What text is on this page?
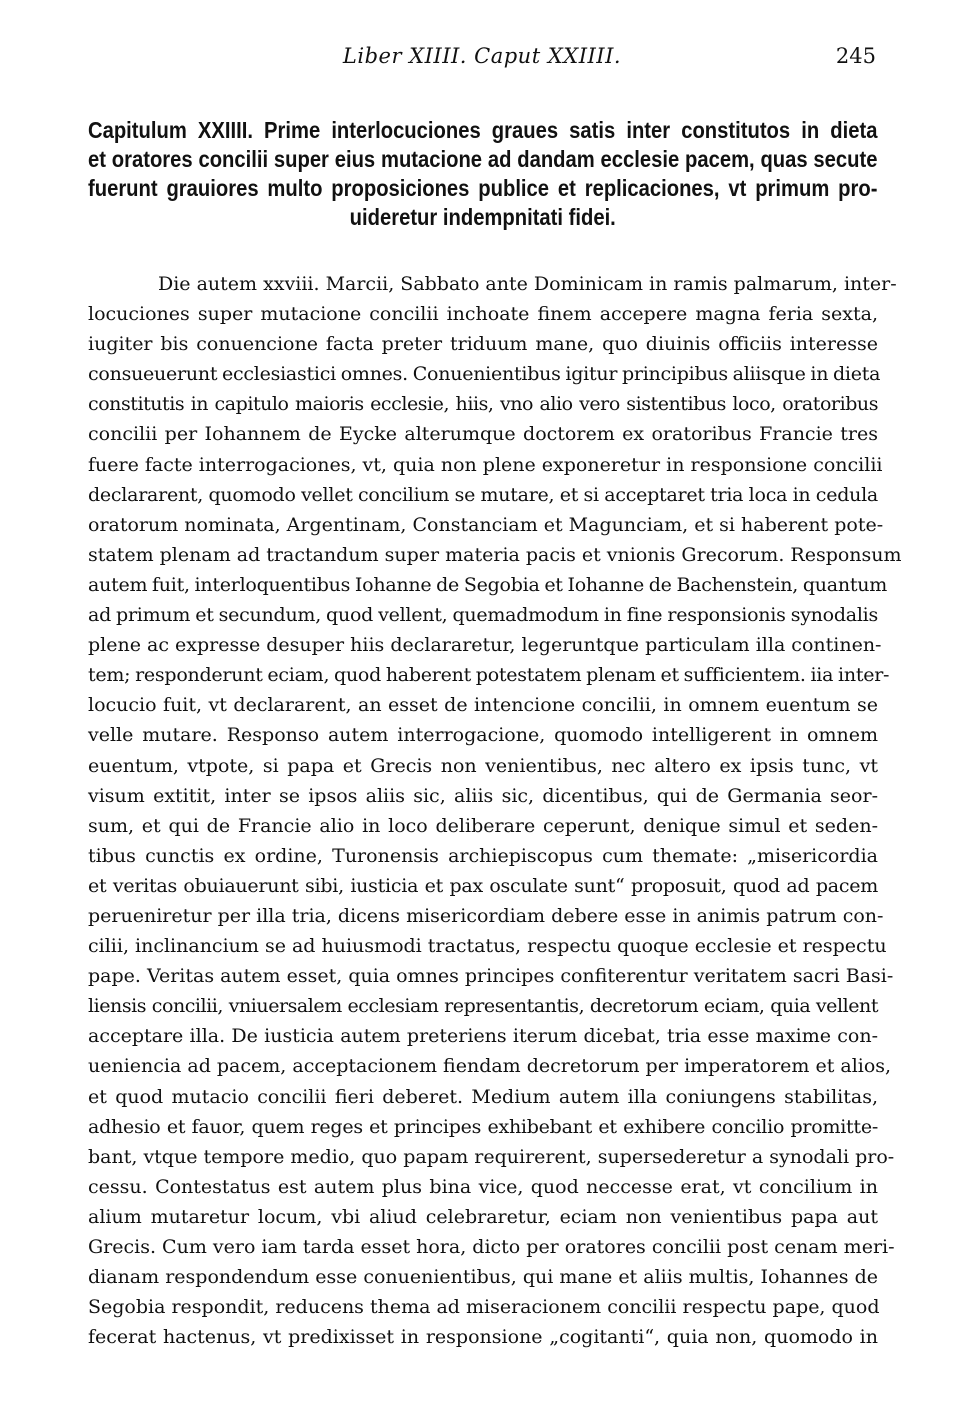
Liber XIIII. Caput XXIIII.	245
Capitulum XXIIII. Prime interlocuciones graues satis inter constitutos in dieta
et oratores concilii super eius mutacione ad dandam ecclesie pacem, quas secute
fuerunt grauiores multo proposiciones publice et replicaciones, vt primum pro-
uideretur indempnitati fidei.
Die autem xxviii. Marcii, Sabbato ante Dominicam in ramis palmarum, inter-
locuciones super mutacione concilii inchoate finem accepere magna feria sexta,
iugiter bis conuencione facta preter triduum mane, quo diuinis officiis interesse
consueuerunt ecclesiastici omnes. Conuenientibus igitur principibus aliisque in dieta
constitutis in capitulo maioris ecclesie, hiis, vno alio vero sistentibus loco, oratoribus
concilii per Iohannem de Eycke alterumque doctorem ex oratoribus Francie tres
fuere facte interrogaciones, vt, quia non plene exponeretur in responsione concilii
declararent, quomodo vellet concilium se mutare, et si acceptaret tria loca in cedula
oratorum nominata, Argentinam, Constanciam et Magunciam, et si haberent pote-
statem plenam ad tractandum super materia pacis et vnionis Grecorum. Responsum
autem fuit, interloquentibus Iohanne de Segobia et Iohanne de Bachenstein, quantum
ad primum et secundum, quod vellent, quemadmodum in fine responsionis synodalis
plene ac expresse desuper hiis declararetur, legeruntque particulam illa continen-
tem; responderunt eciam, quod haberent potestatem plenam et sufficientem. iia inter-
locucio fuit, vt declararent, an esset de intencione concilii, in omnem euentum se
velle mutare. Responso autem interrogacione, quomodo intelligerent in omnem
euentum, vtpote, si papa et Grecis non venientibus, nec altero ex ipsis tunc, vt
visum extitit, inter se ipsos aliis sic, aliis sic, dicentibus, qui de Germania seor-
sum, et qui de Francie alio in loco deliberare ceperunt, denique simul et seden-
tibus cunctis ex ordine, Turonensis archiepiscopus cum themate: „misericordia
et veritas obuiauerunt sibi, iusticia et pax osculate sunt“ proposuit, quod ad pacem
perueniretur per illa tria, dicens misericordiam debere esse in animis patrum con-
cilii, inclinancium se ad huiusmodi tractatus, respectu quoque ecclesie et respectu
pape. Veritas autem esset, quia omnes principes confiterentur veritatem sacri Basi-
liensis concilii, vniuersalem ecclesiam representantis, decretorum eciam, quia vellent
acceptare illa. De iusticia autem preteriens iterum dicebat, tria esse maxime con-
ueniencia ad pacem, acceptacionem fiendam decretorum per imperatorem et alios,
et quod mutacio concilii fieri deberet. Medium autem illa coniungens stabilitas,
adhesio et fauor, quem reges et principes exhibebant et exhibere concilio promitte-
bant, vtque tempore medio, quo papam requirerent, supersederetur a synodali pro-
cessu. Contestatus est autem plus bina vice, quod neccesse erat, vt concilium in
alium mutaretur locum, vbi aliud celebraretur, eciam non venientibus papa aut
Grecis. Cum vero iam tarda esset hora, dicto per oratores concilii post cenam meri-
dianam respondendum esse conuenientibus, qui mane et aliis multis, Iohannes de
Segobia respondit, reducens thema ad miseracionem concilii respectu pape, quod
fecerat hactenus, vt predixisset in responsione „cogitanti“, quia non, quomodo in
